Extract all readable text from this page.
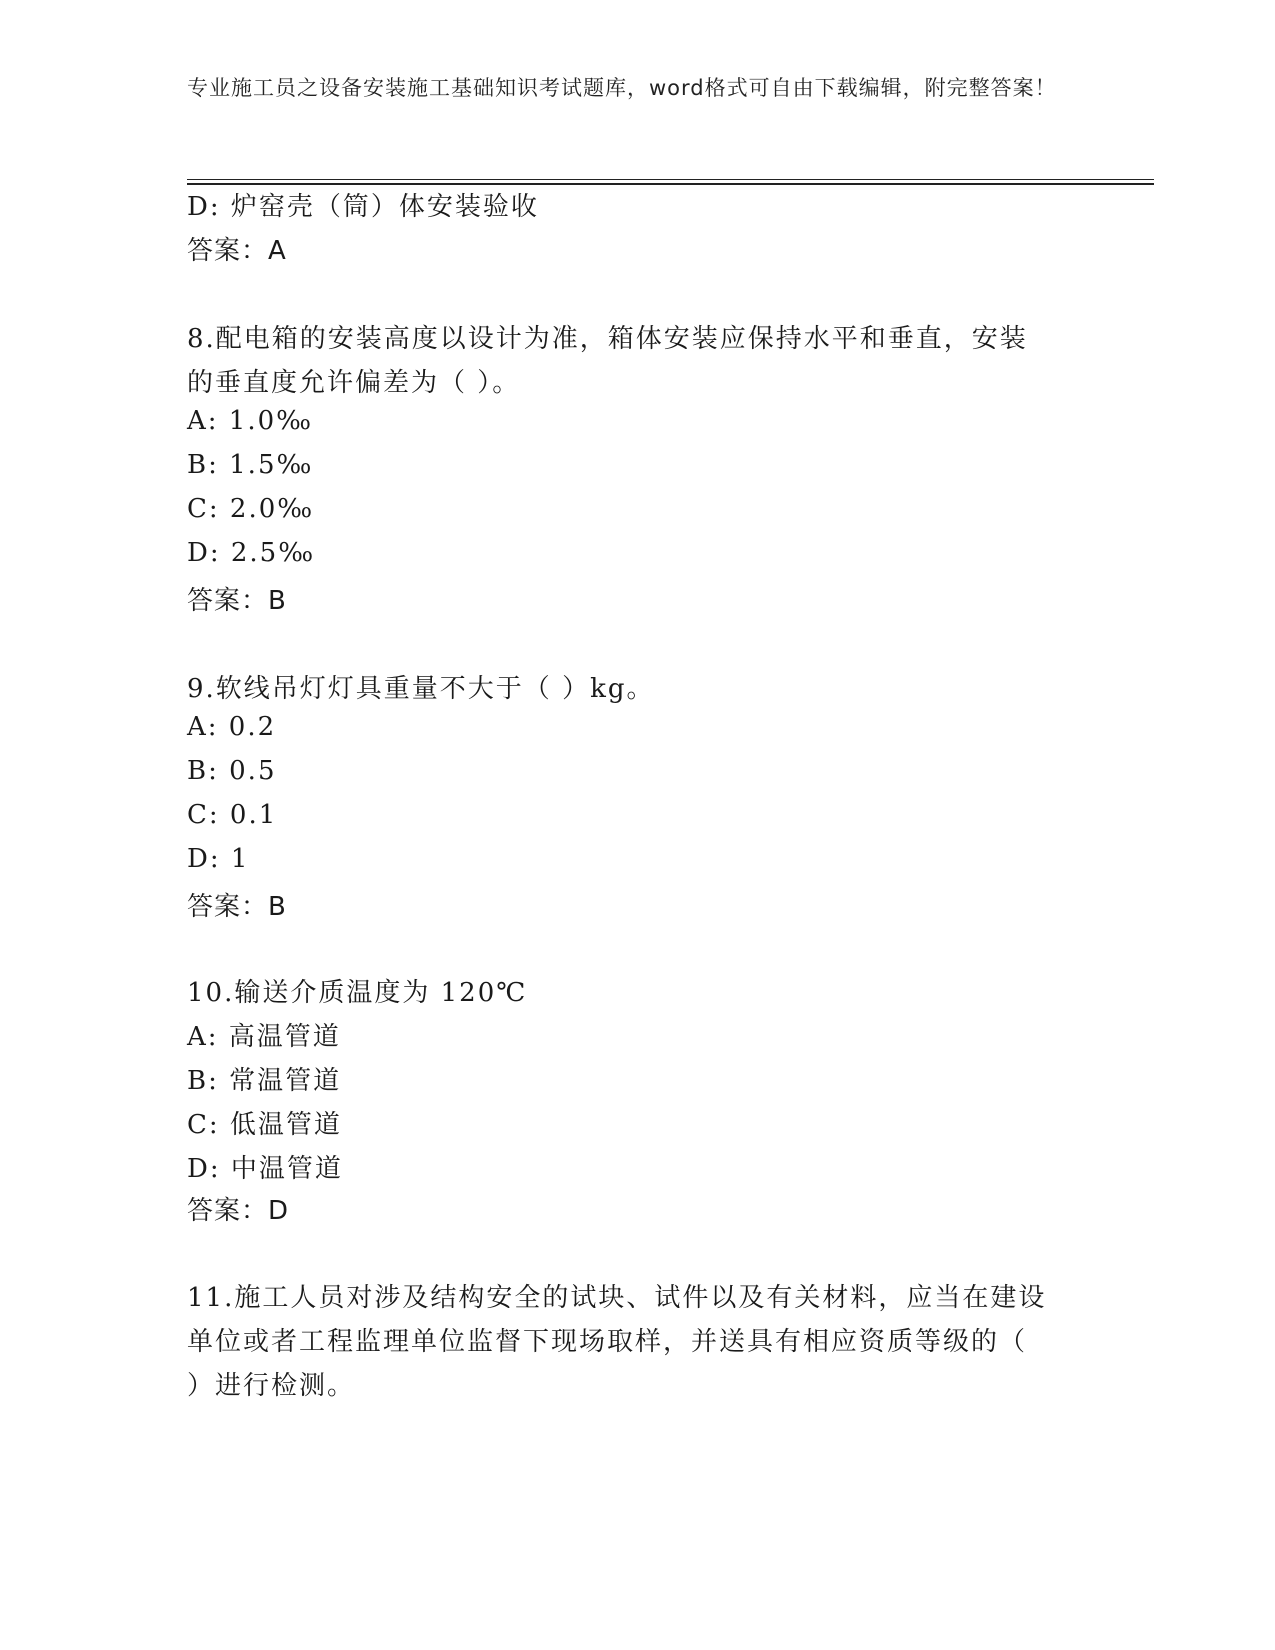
专业施工员之设备安装施工基础知识考试题库，word格式可自由下载编辑，附完整答案！
D: 炉窑壳（筒）体安装验收
答案：A
8.配电箱的安装高度以设计为准，箱体安装应保持水平和垂直，安装
的垂直度允许偏差为（ ）。
A: 1.0‰
B: 1.5‰
C: 2.0‰
D: 2.5‰
答案：B
9.软线吊灯灯具重量不大于（ ）kg。
A: 0.2
B: 0.5
C: 0.1
D: 1
答案：B
10.输送介质温度为 120℃
A: 高温管道
B: 常温管道
C: 低温管道
D: 中温管道
答案：D
11.施工人员对涉及结构安全的试块、试件以及有关材料，应当在建设
单位或者工程监理单位监督下现场取样，并送具有相应资质等级的（
）进行检测。
